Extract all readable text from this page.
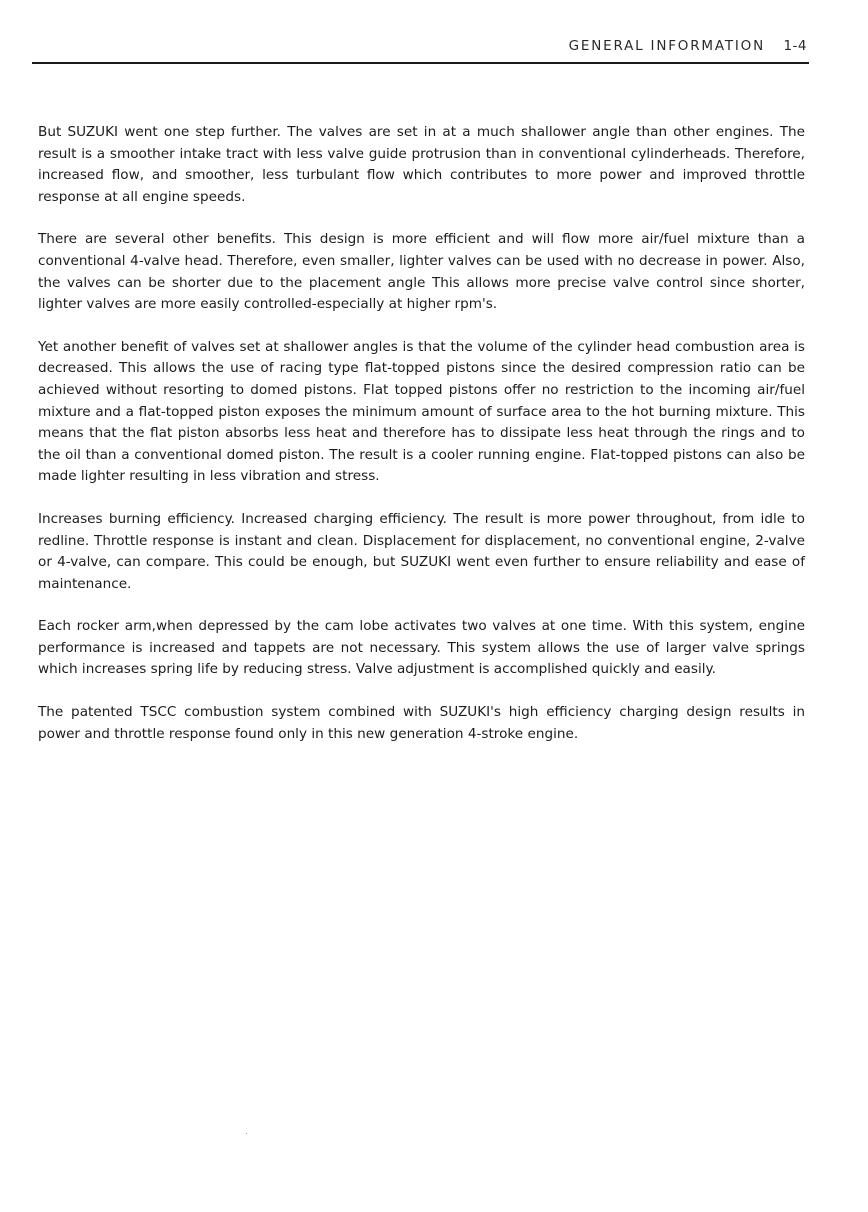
GENERAL INFORMATION 1-4

But SUZUKI went one step further. The valves are set in at a much shallower angle than other engines. The result is a smoother intake tract with less valve guide protrusion than in conventional cylinderheads. Therefore, increased flow, and smoother, less turbulant flow which contributes to more power and improved throttle response at all engine speeds.

There are several other benefits. This design is more efficient and will flow more air/fuel mixture than a conventional 4-valve head. Therefore, even smaller, lighter valves can be used with no decrease in power. Also, the valves can be shorter due to the placement angle This allows more precise valve control since shorter, lighter valves are more easily controlled-especially at higher rpm's.

Yet another benefit of valves set at shallower angles is that the volume of the cylinder head combustion area is decreased. This allows the use of racing type flat-topped pistons since the desired compression ratio can be achieved without resorting to domed pistons. Flat topped pistons offer no restriction to the incoming air/fuel mixture and a flat-topped piston exposes the minimum amount of surface area to the hot burning mixture. This means that the flat piston absorbs less heat and therefore has to dissipate less heat through the rings and to the oil than a conventional domed piston. The result is a cooler running engine. Flat-topped pistons can also be made lighter resulting in less vibration and stress.

Increases burning efficiency. Increased charging efficiency. The result is more power throughout, from idle to redline. Throttle response is instant and clean. Displacement for displacement, no conventional engine, 2-valve or 4-valve, can compare. This could be enough, but SUZUKI went even further to ensure reliability and ease of maintenance.

Each rocker arm,when depressed by the cam lobe activates two valves at one time. With this system, engine performance is increased and tappets are not necessary. This system allows the use of larger valve springs which increases spring life by reducing stress. Valve adjustment is accomplished quickly and easily.

The patented TSCC combustion system combined with SUZUKI's high efficiency charging design results in power and throttle response found only in this new generation 4-stroke engine.
